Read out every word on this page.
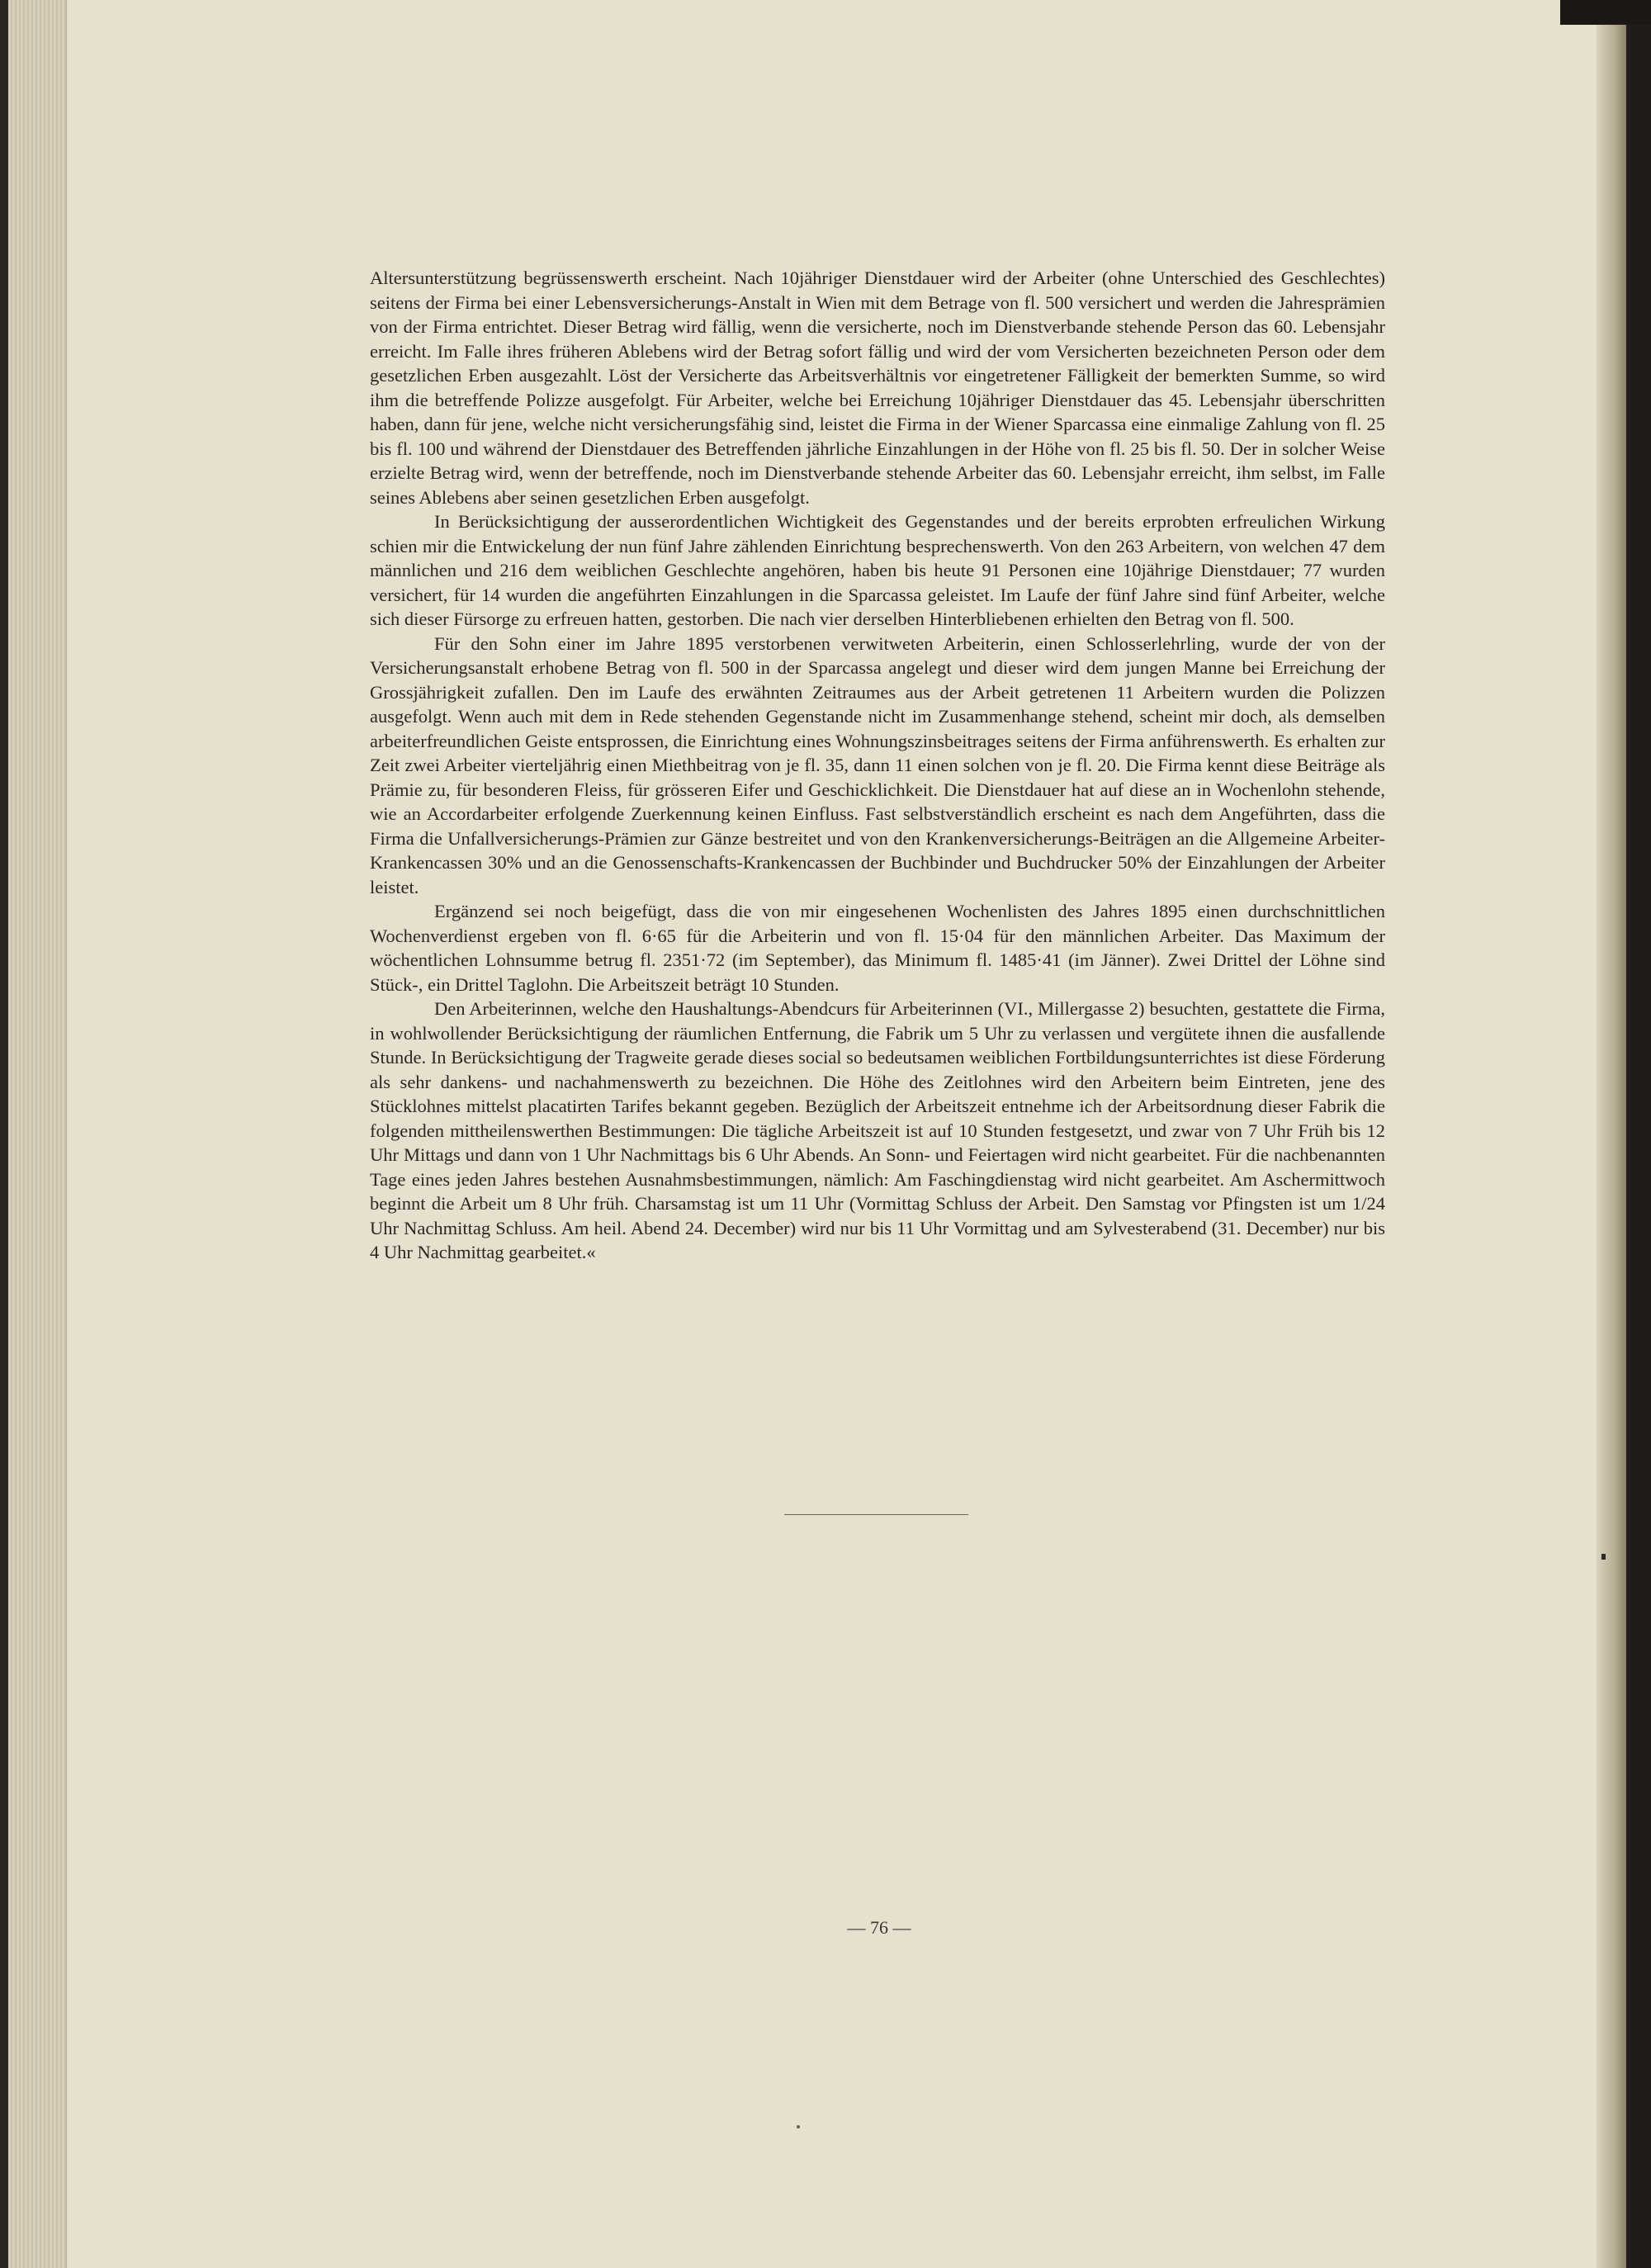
Altersunterstützung begrüssenswerth erscheint. Nach 10jähriger Dienstdauer wird der Arbeiter (ohne Unterschied des Geschlechtes) seitens der Firma bei einer Lebensversicherungs-Anstalt in Wien mit dem Betrage von fl. 500 versichert und werden die Jahresprämien von der Firma entrichtet. Dieser Betrag wird fällig, wenn die versicherte, noch im Dienstverbande stehende Person das 60. Lebensjahr erreicht. Im Falle ihres früheren Ablebens wird der Betrag sofort fällig und wird der vom Versicherten bezeichneten Person oder dem gesetzlichen Erben ausgezahlt. Löst der Versicherte das Arbeitsverhältnis vor eingetretener Fälligkeit der bemerkten Summe, so wird ihm die betreffende Polizze ausgefolgt. Für Arbeiter, welche bei Erreichung 10jähriger Dienstdauer das 45. Lebensjahr überschritten haben, dann für jene, welche nicht versicherungsfähig sind, leistet die Firma in der Wiener Sparcassa eine einmalige Zahlung von fl. 25 bis fl. 100 und während der Dienstdauer des Betreffenden jährliche Einzahlungen in der Höhe von fl. 25 bis fl. 50. Der in solcher Weise erzielte Betrag wird, wenn der betreffende, noch im Dienstverbande stehende Arbeiter das 60. Lebensjahr erreicht, ihm selbst, im Falle seines Ablebens aber seinen gesetzlichen Erben ausgefolgt.

In Berücksichtigung der ausserordentlichen Wichtigkeit des Gegenstandes und der bereits erprobten erfreulichen Wirkung schien mir die Entwickelung der nun fünf Jahre zählenden Einrichtung besprechenswerth. Von den 263 Arbeitern, von welchen 47 dem männlichen und 216 dem weiblichen Geschlechte angehören, haben bis heute 91 Personen eine 10jährige Dienstdauer; 77 wurden versichert, für 14 wurden die angeführten Einzahlungen in die Sparcassa geleistet. Im Laufe der fünf Jahre sind fünf Arbeiter, welche sich dieser Fürsorge zu erfreuen hatten, gestorben. Die nach vier derselben Hinterbliebenen erhielten den Betrag von fl. 500.

Für den Sohn einer im Jahre 1895 verstorbenen verwitweten Arbeiterin, einen Schlosserlehrling, wurde der von der Versicherungsanstalt erhobene Betrag von fl. 500 in der Sparcassa angelegt und dieser wird dem jungen Manne bei Erreichung der Grossjährigkeit zufallen. Den im Laufe des erwähnten Zeitraumes aus der Arbeit getretenen 11 Arbeitern wurden die Polizzen ausgefolgt. Wenn auch mit dem in Rede stehenden Gegenstande nicht im Zusammenhange stehend, scheint mir doch, als demselben arbeiterfreundlichen Geiste entsprossen, die Einrichtung eines Wohnungszinsbeitrages seitens der Firma anführenswerth. Es erhalten zur Zeit zwei Arbeiter vierteljährig einen Miethbeitrag von je fl. 35, dann 11 einen solchen von je fl. 20. Die Firma kennt diese Beiträge als Prämie zu, für besonderen Fleiss, für grösseren Eifer und Geschicklichkeit. Die Dienstdauer hat auf diese an in Wochenlohn stehende, wie an Accordarbeiter erfolgende Zuerkennung keinen Einfluss. Fast selbstverständlich erscheint es nach dem Angeführten, dass die Firma die Unfallversicherungs-Prämien zur Gänze bestreitet und von den Krankenversicherungs-Beiträgen an die Allgemeine Arbeiter-Krankencassen 30% und an die Genossenschafts-Krankencassen der Buchbinder und Buchdrucker 50% der Einzahlungen der Arbeiter leistet.

Ergänzend sei noch beigefügt, dass die von mir eingesehenen Wochenlisten des Jahres 1895 einen durchschnittlichen Wochenverdienst ergeben von fl. 6·65 für die Arbeiterin und von fl. 15·04 für den männlichen Arbeiter. Das Maximum der wöchentlichen Lohnsumme betrug fl. 2351·72 (im September), das Minimum fl. 1485·41 (im Jänner). Zwei Drittel der Löhne sind Stück-, ein Drittel Taglohn. Die Arbeitszeit beträgt 10 Stunden.

Den Arbeiterinnen, welche den Haushaltungs-Abendcurs für Arbeiterinnen (VI., Millergasse 2) besuchten, gestattete die Firma, in wohlwollender Berücksichtigung der räumlichen Entfernung, die Fabrik um 5 Uhr zu verlassen und vergütete ihnen die ausfallende Stunde. In Berücksichtigung der Tragweite gerade dieses social so bedeutsamen weiblichen Fortbildungsunterrichtes ist diese Förderung als sehr dankens- und nachahmenswerth zu bezeichnen. Die Höhe des Zeitlohnes wird den Arbeitern beim Eintreten, jene des Stücklohnes mittelst placatirten Tarifes bekannt gegeben. Bezüglich der Arbeitszeit entnehme ich der Arbeitsordnung dieser Fabrik die folgenden mittheilenswerthen Bestimmungen: Die tägliche Arbeitszeit ist auf 10 Stunden festgesetzt, und zwar von 7 Uhr Früh bis 12 Uhr Mittags und dann von 1 Uhr Nachmittags bis 6 Uhr Abends. An Sonn- und Feiertagen wird nicht gearbeitet. Für die nachbenannten Tage eines jeden Jahres bestehen Ausnahmsbestimmungen, nämlich: Am Faschingdienstag wird nicht gearbeitet. Am Aschermittwoch beginnt die Arbeit um 8 Uhr früh. Charsamstag ist um 11 Uhr (Vormittag Schluss der Arbeit. Den Samstag vor Pfingsten ist um 1/24 Uhr Nachmittag Schluss. Am heil. Abend 24. December) wird nur bis 11 Uhr Vormittag und am Sylvesterabend (31. December) nur bis 4 Uhr Nachmittag gearbeitet.«

— 76 —
